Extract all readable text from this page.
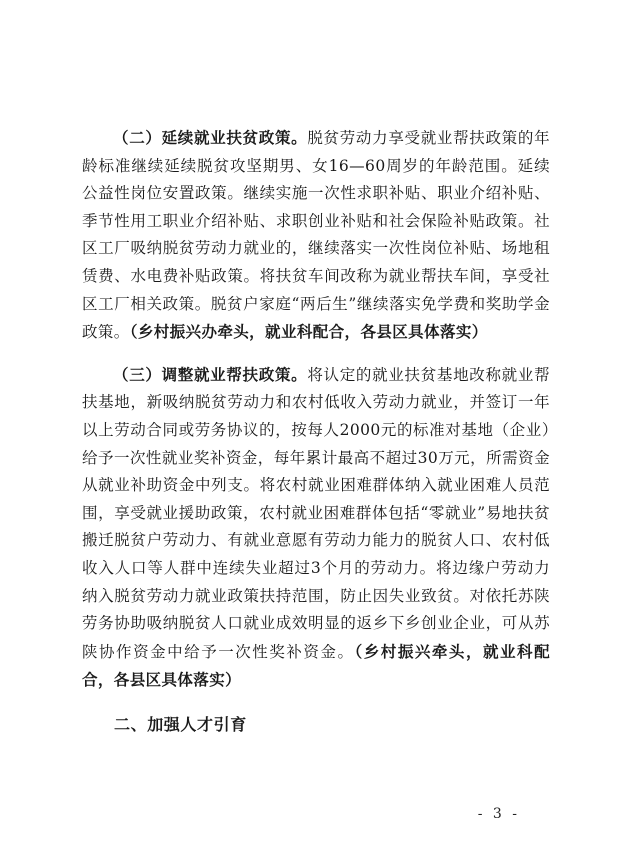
（二）延续就业扶贫政策。脱贫劳动力享受就业帮扶政策的年龄标准继续延续脱贫攻坚期男、女16—60周岁的年龄范围。延续公益性岗位安置政策。继续实施一次性求职补贴、职业介绍补贴、季节性用工职业介绍补贴、求职创业补贴和社会保险补贴政策。社区工厂吸纳脱贫劳动力就业的，继续落实一次性岗位补贴、场地租赁费、水电费补贴政策。将扶贫车间改称为就业帮扶车间，享受社区工厂相关政策。脱贫户家庭“两后生”继续落实免学费和奖助学金政策。（乡村振兴办牵头，就业科配合，各县区具体落实）

（三）调整就业帮扶政策。将认定的就业扶贫基地改称就业帮扶基地，新吸纳脱贫劳动力和农村低收入劳动力就业，并签订一年以上劳动合同或劳务协议的，按每人2000元的标准对基地（企业）给予一次性就业奖补资金，每年累计最高不超过30万元，所需资金从就业补助资金中列支。将农村就业困难群体纳入就业困难人员范围，享受就业援助政策，农村就业困难群体包括“零就业”易地扶贫搬迁脱贫户劳动力、有就业意愿有劳动力能力的脱贫人口、农村低收入人口等人群中连续失业超过3个月的劳动力。将边缘户劳动力纳入脱贫劳动力就业政策扶持范围，防止因失业致贫。对依托苏陕劳务协助吸纳脱贫人口就业成效明显的返乡下乡创业企业，可从苏陕协作资金中给予一次性奖补资金。（乡村振兴牵头，就业科配合，各县区具体落实）

二、加强人才引育

- 3 -
